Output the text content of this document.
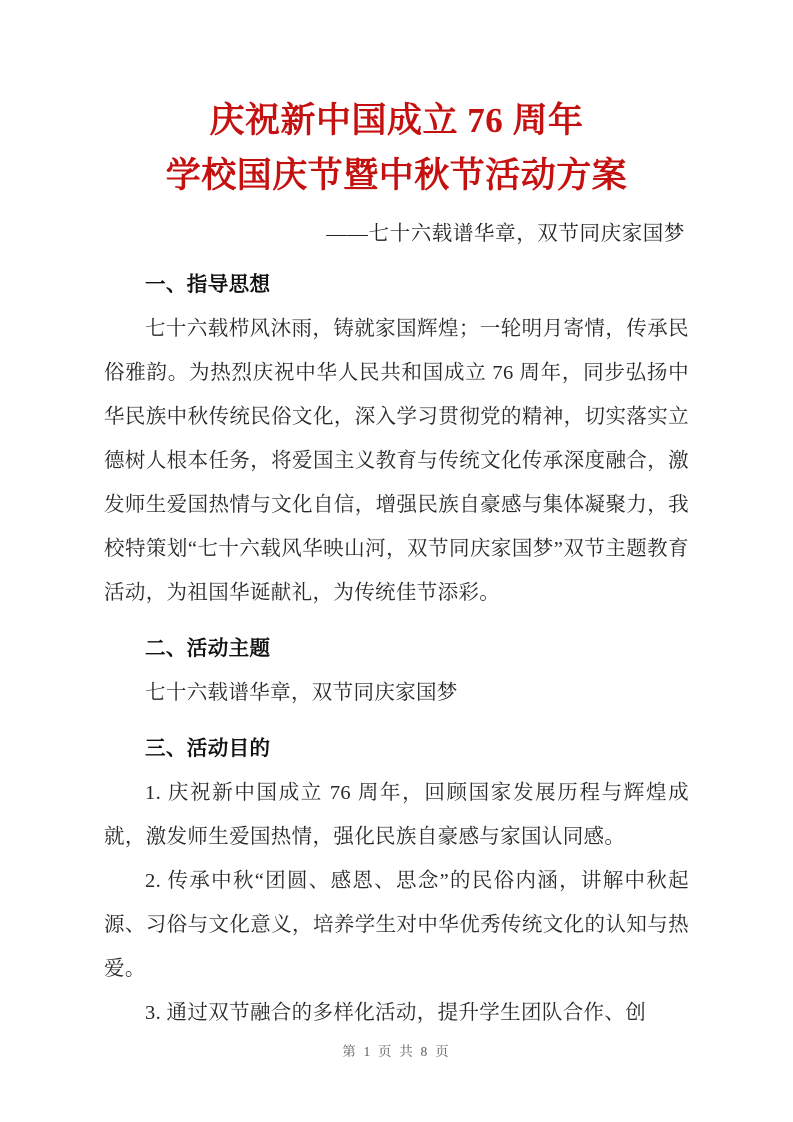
庆祝新中国成立 76 周年
学校国庆节暨中秋节活动方案

——七十六载谱华章，双节同庆家国梦

一、指导思想

七十六载栉风沐雨，铸就家国辉煌；一轮明月寄情，传承民俗雅韵。为热烈庆祝中华人民共和国成立 76 周年，同步弘扬中华民族中秋传统民俗文化，深入学习贯彻党的精神，切实落实立德树人根本任务，将爱国主义教育与传统文化传承深度融合，激发师生爱国热情与文化自信，增强民族自豪感与集体凝聚力，我校特策划“七十六载风华映山河，双节同庆家国梦”双节主题教育活动，为祖国华诞献礼，为传统佳节添彩。

二、活动主题

七十六载谱华章，双节同庆家国梦

三、活动目的

1. 庆祝新中国成立 76 周年，回顾国家发展历程与辉煌成就，激发师生爱国热情，强化民族自豪感与家国认同感。

2. 传承中秋“团圆、感恩、思念”的民俗内涵，讲解中秋起源、习俗与文化意义，培养学生对中华优秀传统文化的认知与热爱。

3. 通过双节融合的多样化活动，提升学生团队合作、创

第 1 页 共 8 页
